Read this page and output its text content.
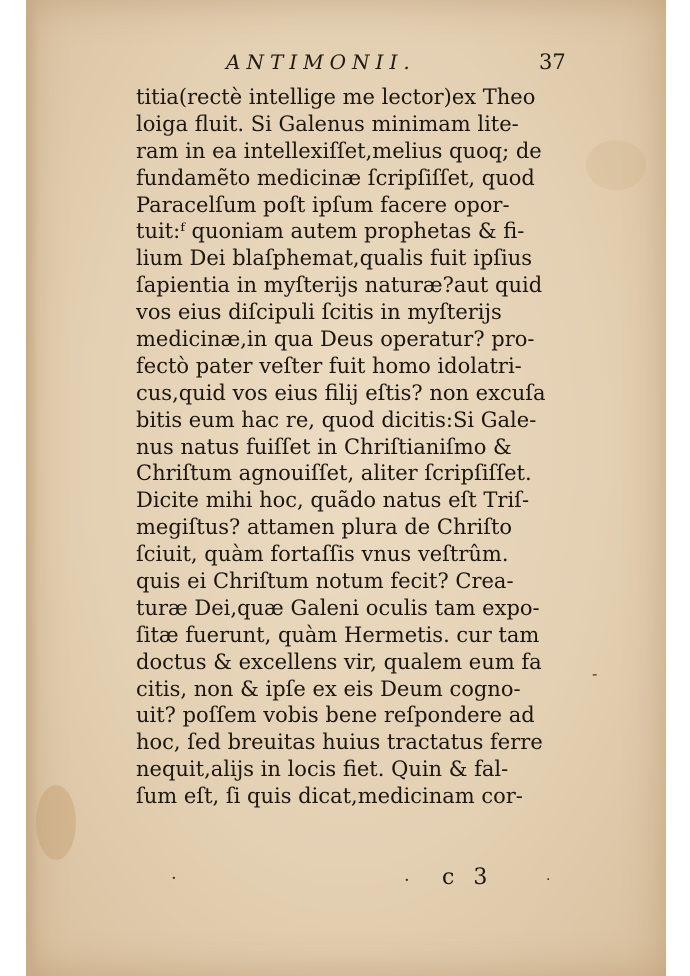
ANTIMONII.	37
titia(rectè intellige me lector)ex Theo
loiga fluit. Si Galenus minimam lite-
ram in ea intellexiſſet,melius quoq; de
fundamẽto medicinæ ſcripſiſſet, quod
Paracelſum poſt ipſum facere opor-
tuit:ᶠ quoniam autem prophetas & fi-
lium Dei blaſphemat,qualis fuit ipſius
ſapientia in myſterijs naturæ?aut quid
vos eius diſcipuli ſcitis in myſterijs
medicinæ,in qua Deus operatur? pro-
fectò pater veſter fuit homo idolatri-
cus,quid vos eius filij eſtis? non excuſa
bitis eum hac re, quod dicitis:Si Gale-
nus natus fuiſſet in Chriſtianiſmo &
Chriſtum agnouiſſet, aliter ſcripſiſſet.
Dicite mihi hoc, quãdo natus eſt Triſ-
megiſtus? attamen plura de Chriſto
ſciuit, quàm fortaſſis vnus veſtrûm.
quis ei Chriſtum notum fecit? Crea-
turæ Dei,quæ Galeni oculis tam expo-
ſitæ fuerunt, quàm Hermetis. cur tam
doctus & excellens vir, qualem eum fa
citis, non & ipſe ex eis Deum cogno-
uit? poſſem vobis bene reſpondere ad
hoc, ſed breuitas huius tractatus ferre
nequit,alijs in locis fiet. Quin & fal-
ſum eſt, ſi quis dicat,medicinam cor-
c 3
·	·	·
‑
